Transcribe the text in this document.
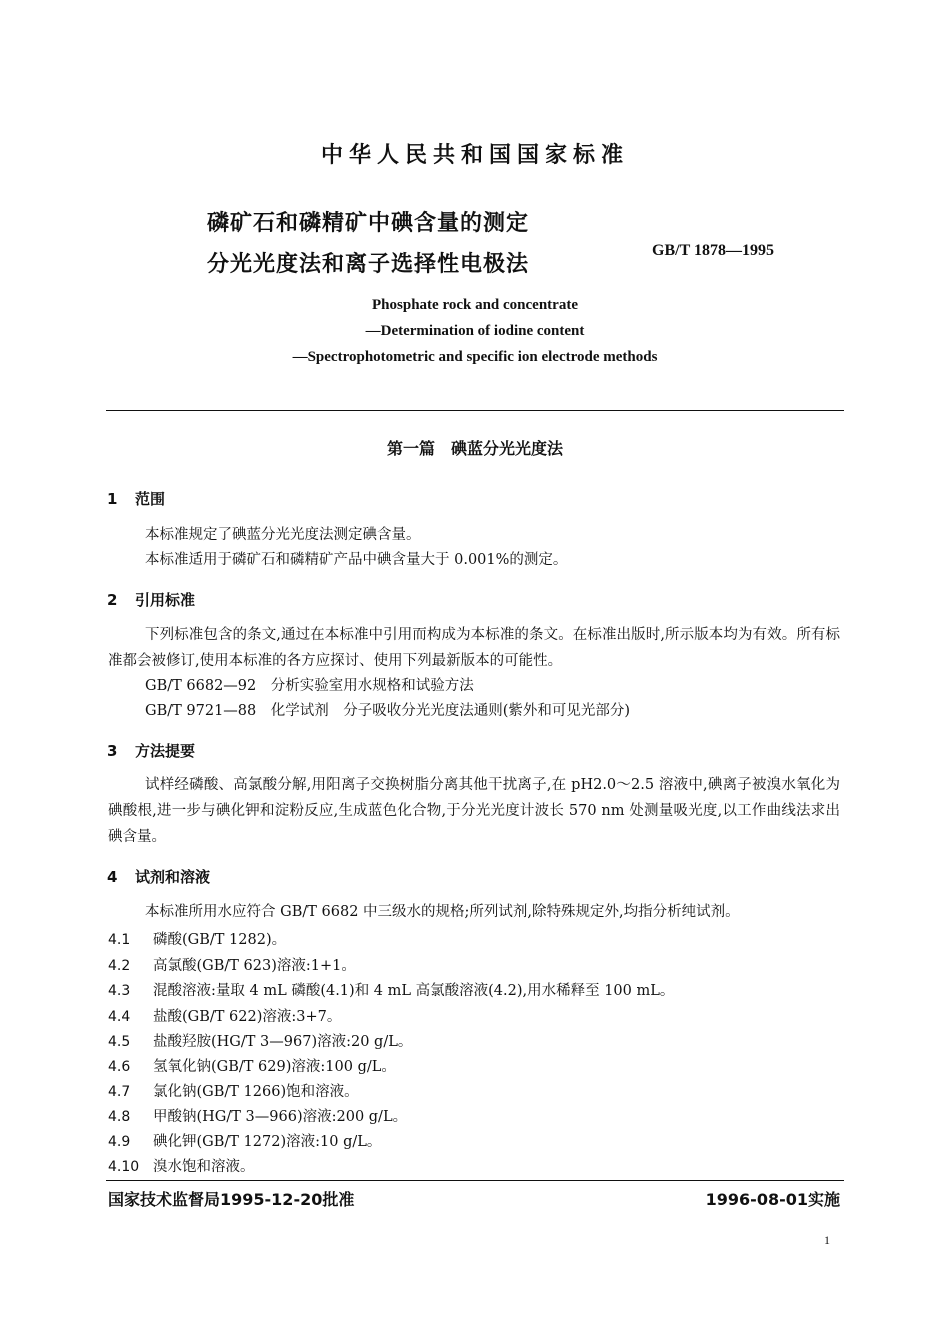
中华人民共和国国家标准
磷矿石和磷精矿中碘含量的测定
分光光度法和离子选择性电极法
GB/T 1878—1995
Phosphate rock and concentrate
—Determination of iodine content
—Spectrophotometric and specific ion electrode methods
第一篇　碘蓝分光光度法
1 范围
本标准规定了碘蓝分光光度法测定碘含量。
本标准适用于磷矿石和磷精矿产品中碘含量大于 0.001%的测定。
2 引用标准
下列标准包含的条文,通过在本标准中引用而构成为本标准的条文。在标准出版时,所示版本均为有效。所有标准都会被修订,使用本标准的各方应探讨、使用下列最新版本的可能性。
GB/T 6682—92　分析实验室用水规格和试验方法
GB/T 9721—88　化学试剂　分子吸收分光光度法通则(紫外和可见光部分)
3 方法提要
试样经磷酸、高氯酸分解,用阳离子交换树脂分离其他干扰离子,在 pH2.0～2.5 溶液中,碘离子被溴水氧化为碘酸根,进一步与碘化钾和淀粉反应,生成蓝色化合物,于分光光度计波长 570 nm 处测量吸光度,以工作曲线法求出碘含量。
4 试剂和溶液
本标准所用水应符合 GB/T 6682 中三级水的规格;所列试剂,除特殊规定外,均指分析纯试剂。
4.1 磷酸(GB/T 1282)。
4.2 高氯酸(GB/T 623)溶液:1+1。
4.3 混酸溶液:量取 4 mL 磷酸(4.1)和 4 mL 高氯酸溶液(4.2),用水稀释至 100 mL。
4.4 盐酸(GB/T 622)溶液:3+7。
4.5 盐酸羟胺(HG/T 3—967)溶液:20 g/L。
4.6 氢氧化钠(GB/T 629)溶液:100 g/L。
4.7 氯化钠(GB/T 1266)饱和溶液。
4.8 甲酸钠(HG/T 3—966)溶液:200 g/L。
4.9 碘化钾(GB/T 1272)溶液:10 g/L。
4.10 溴水饱和溶液。
国家技术监督局1995-12-20批准	1996-08-01实施
1
